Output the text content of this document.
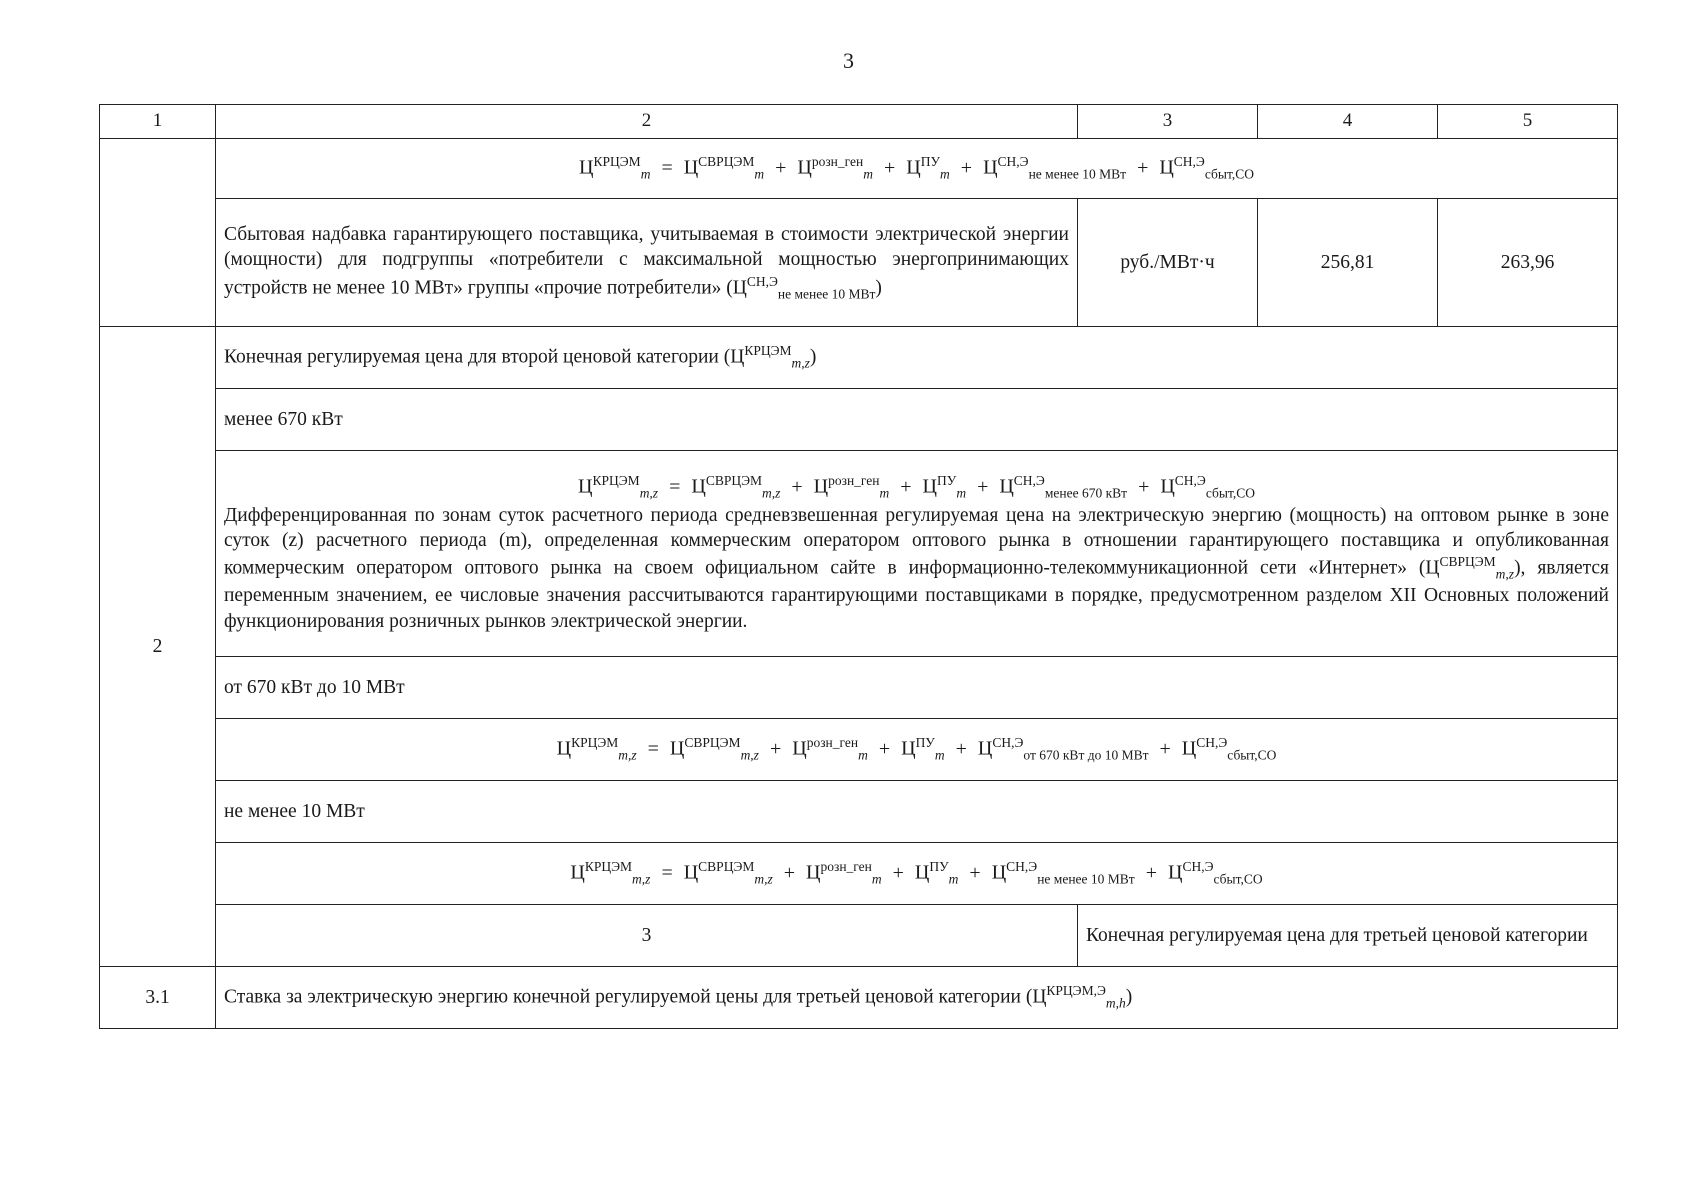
3
1	2	3	4	5
	$Ц^{КРЦЭМ}_m = Ц^{СВРЦЭМ}_m + Ц^{розн\_ген}_m + Ц^{ПУ}_m + Ц^{СН,Э}_{не менее 10 МВт} + Ц^{СН,Э}_{сбыт,СО}$
	Сбытовая надбавка гарантирующего поставщика, учитываемая в стоимости электрической энергии (мощности) для подгруппы «потребители с максимальной мощностью энергопринимающих устройств не менее 10 МВт» группы «прочие потребители» $(Ц^{СН,Э}_{не менее 10 МВт})$	руб./МВт·ч	256,81	263,96
2	Конечная регулируемая цена для второй ценовой категории $(Ц^{КРЦЭМ}_{m,z})$			
	менее 670 кВт			

	$Ц^{КРЦЭМ}_{m,z} = Ц^{СВРЦЭМ}_{m,z} + Ц^{розн\_ген}_m + Ц^{ПУ}_m + Ц^{СН,Э}_{менее 670 кВт} + Ц^{СН,Э}_{сбыт,СО}$
Дифференцированная по зонам суток расчетного периода средневзвешенная регулируемая цена на электрическую энергию (мощность) на оптовом рынке в зоне суток (z) расчетного периода (m), определенная коммерческим оператором оптового рынка в отношении гарантирующего поставщика и опубликованная коммерческим оператором оптового рынка на своем официальном сайте в информационно-телекоммуникационной сети «Интернет» $(Ц^{СВРЦЭМ}_{m,z})$, является переменным значением, ее числовые значения рассчитываются гарантирующими поставщиками в порядке, предусмотренном разделом XII Основных положений функционирования розничных рынков электрической энергии.			

	от 670 кВт до 10 МВт			
	$Ц^{КРЦЭМ}_{m,z} = Ц^{СВРЦЭМ}_{m,z} + Ц^{розн\_ген}_m + Ц^{ПУ}_m + Ц^{СН,Э}_{от 670 кВт до 10 МВт} + Ц^{СН,Э}_{сбыт,СО}$
	не менее 10 МВт			
	$Ц^{КРЦЭМ}_{m,z} = Ц^{СВРЦЭМ}_{m,z} + Ц^{розн\_ген}_m + Ц^{ПУ}_m + Ц^{СН,Э}_{не менее 10 МВт} + Ц^{СН,Э}_{сбыт,СО}$
	3	Конечная регулируемая цена для третьей ценовой категории		
3.1	Ставка за электрическую энергию конечной регулируемой цены для третьей ценовой категории $(Ц^{КРЦЭМ,Э}_{m,h})$			
